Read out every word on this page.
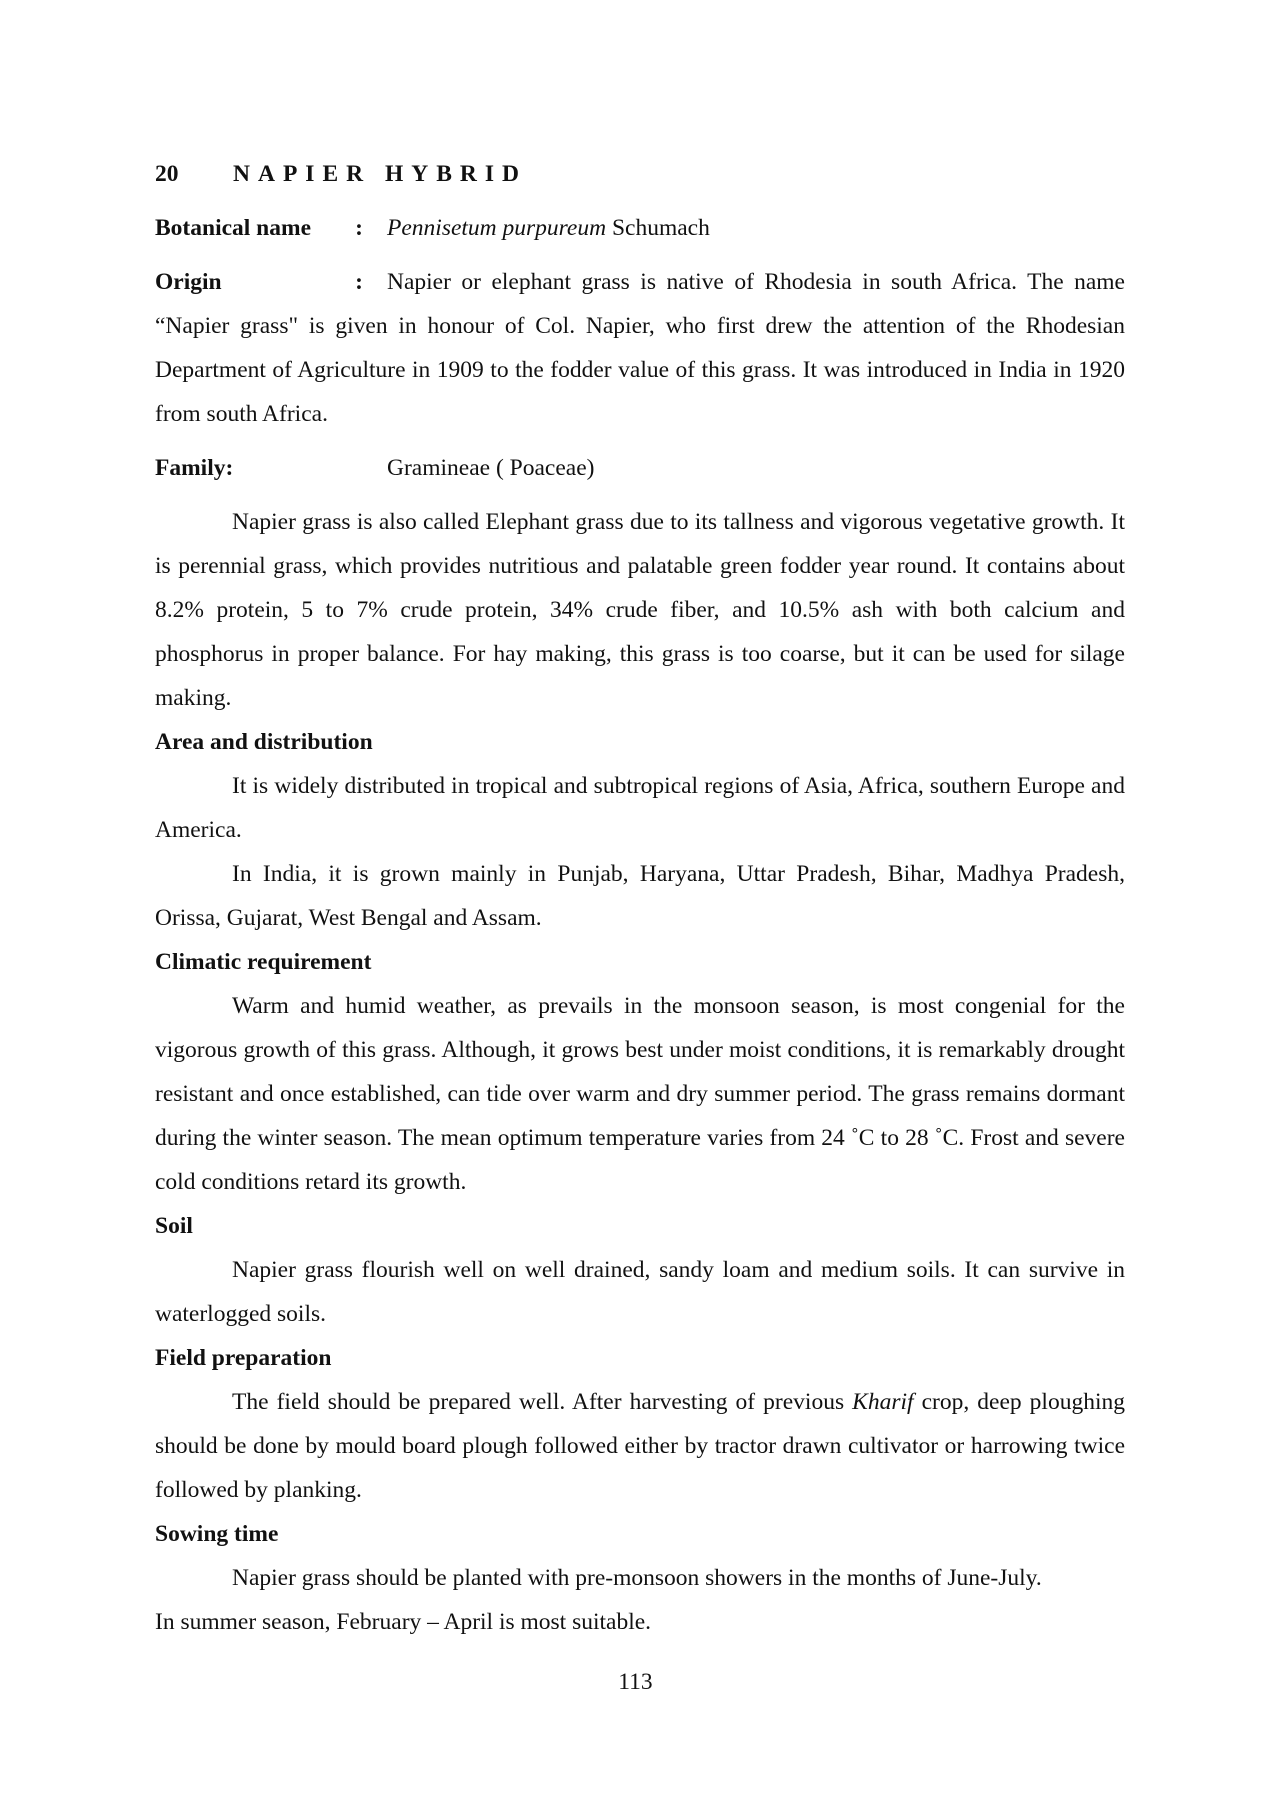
20 NAPIER HYBRID
Botanical name : Pennisetum purpureum Schumach

Origin	: Napier or elephant grass is native of Rhodesia in south Africa. The name “Napier grass" is given in honour of Col. Napier, who first drew the attention of the Rhodesian Department of Agriculture in 1909 to the fodder value of this grass. It was introduced in India in 1920 from south Africa.

Family:	Gramineae ( Poaceae)

Napier grass is also called Elephant grass due to its tallness and vigorous vegetative growth. It is perennial grass, which provides nutritious and palatable green fodder year round. It contains about 8.2% protein, 5 to 7% crude protein, 34% crude fiber, and 10.5% ash with both calcium and phosphorus in proper balance. For hay making, this grass is too coarse, but it can be used for silage making.

Area and distribution

It is widely distributed in tropical and subtropical regions of Asia, Africa, southern Europe and America.

In India, it is grown mainly in Punjab, Haryana, Uttar Pradesh, Bihar, Madhya Pradesh, Orissa, Gujarat, West Bengal and Assam.

Climatic requirement

Warm and humid weather, as prevails in the monsoon season, is most congenial for the vigorous growth of this grass. Although, it grows best under moist conditions, it is remarkably drought resistant and once established, can tide over warm and dry summer period. The grass remains dormant during the winter season. The mean optimum temperature varies from 24 ˚C to 28 ˚C. Frost and severe cold conditions retard its growth.

Soil

Napier grass flourish well on well drained, sandy loam and medium soils. It can survive in waterlogged soils.

Field preparation

The field should be prepared well. After harvesting of previous Kharif crop, deep ploughing should be done by mould board plough followed either by tractor drawn cultivator or harrowing twice followed by planking.

Sowing time

Napier grass should be planted with pre-monsoon showers in the months of June-July.

In summer season, February – April is most suitable.

113
